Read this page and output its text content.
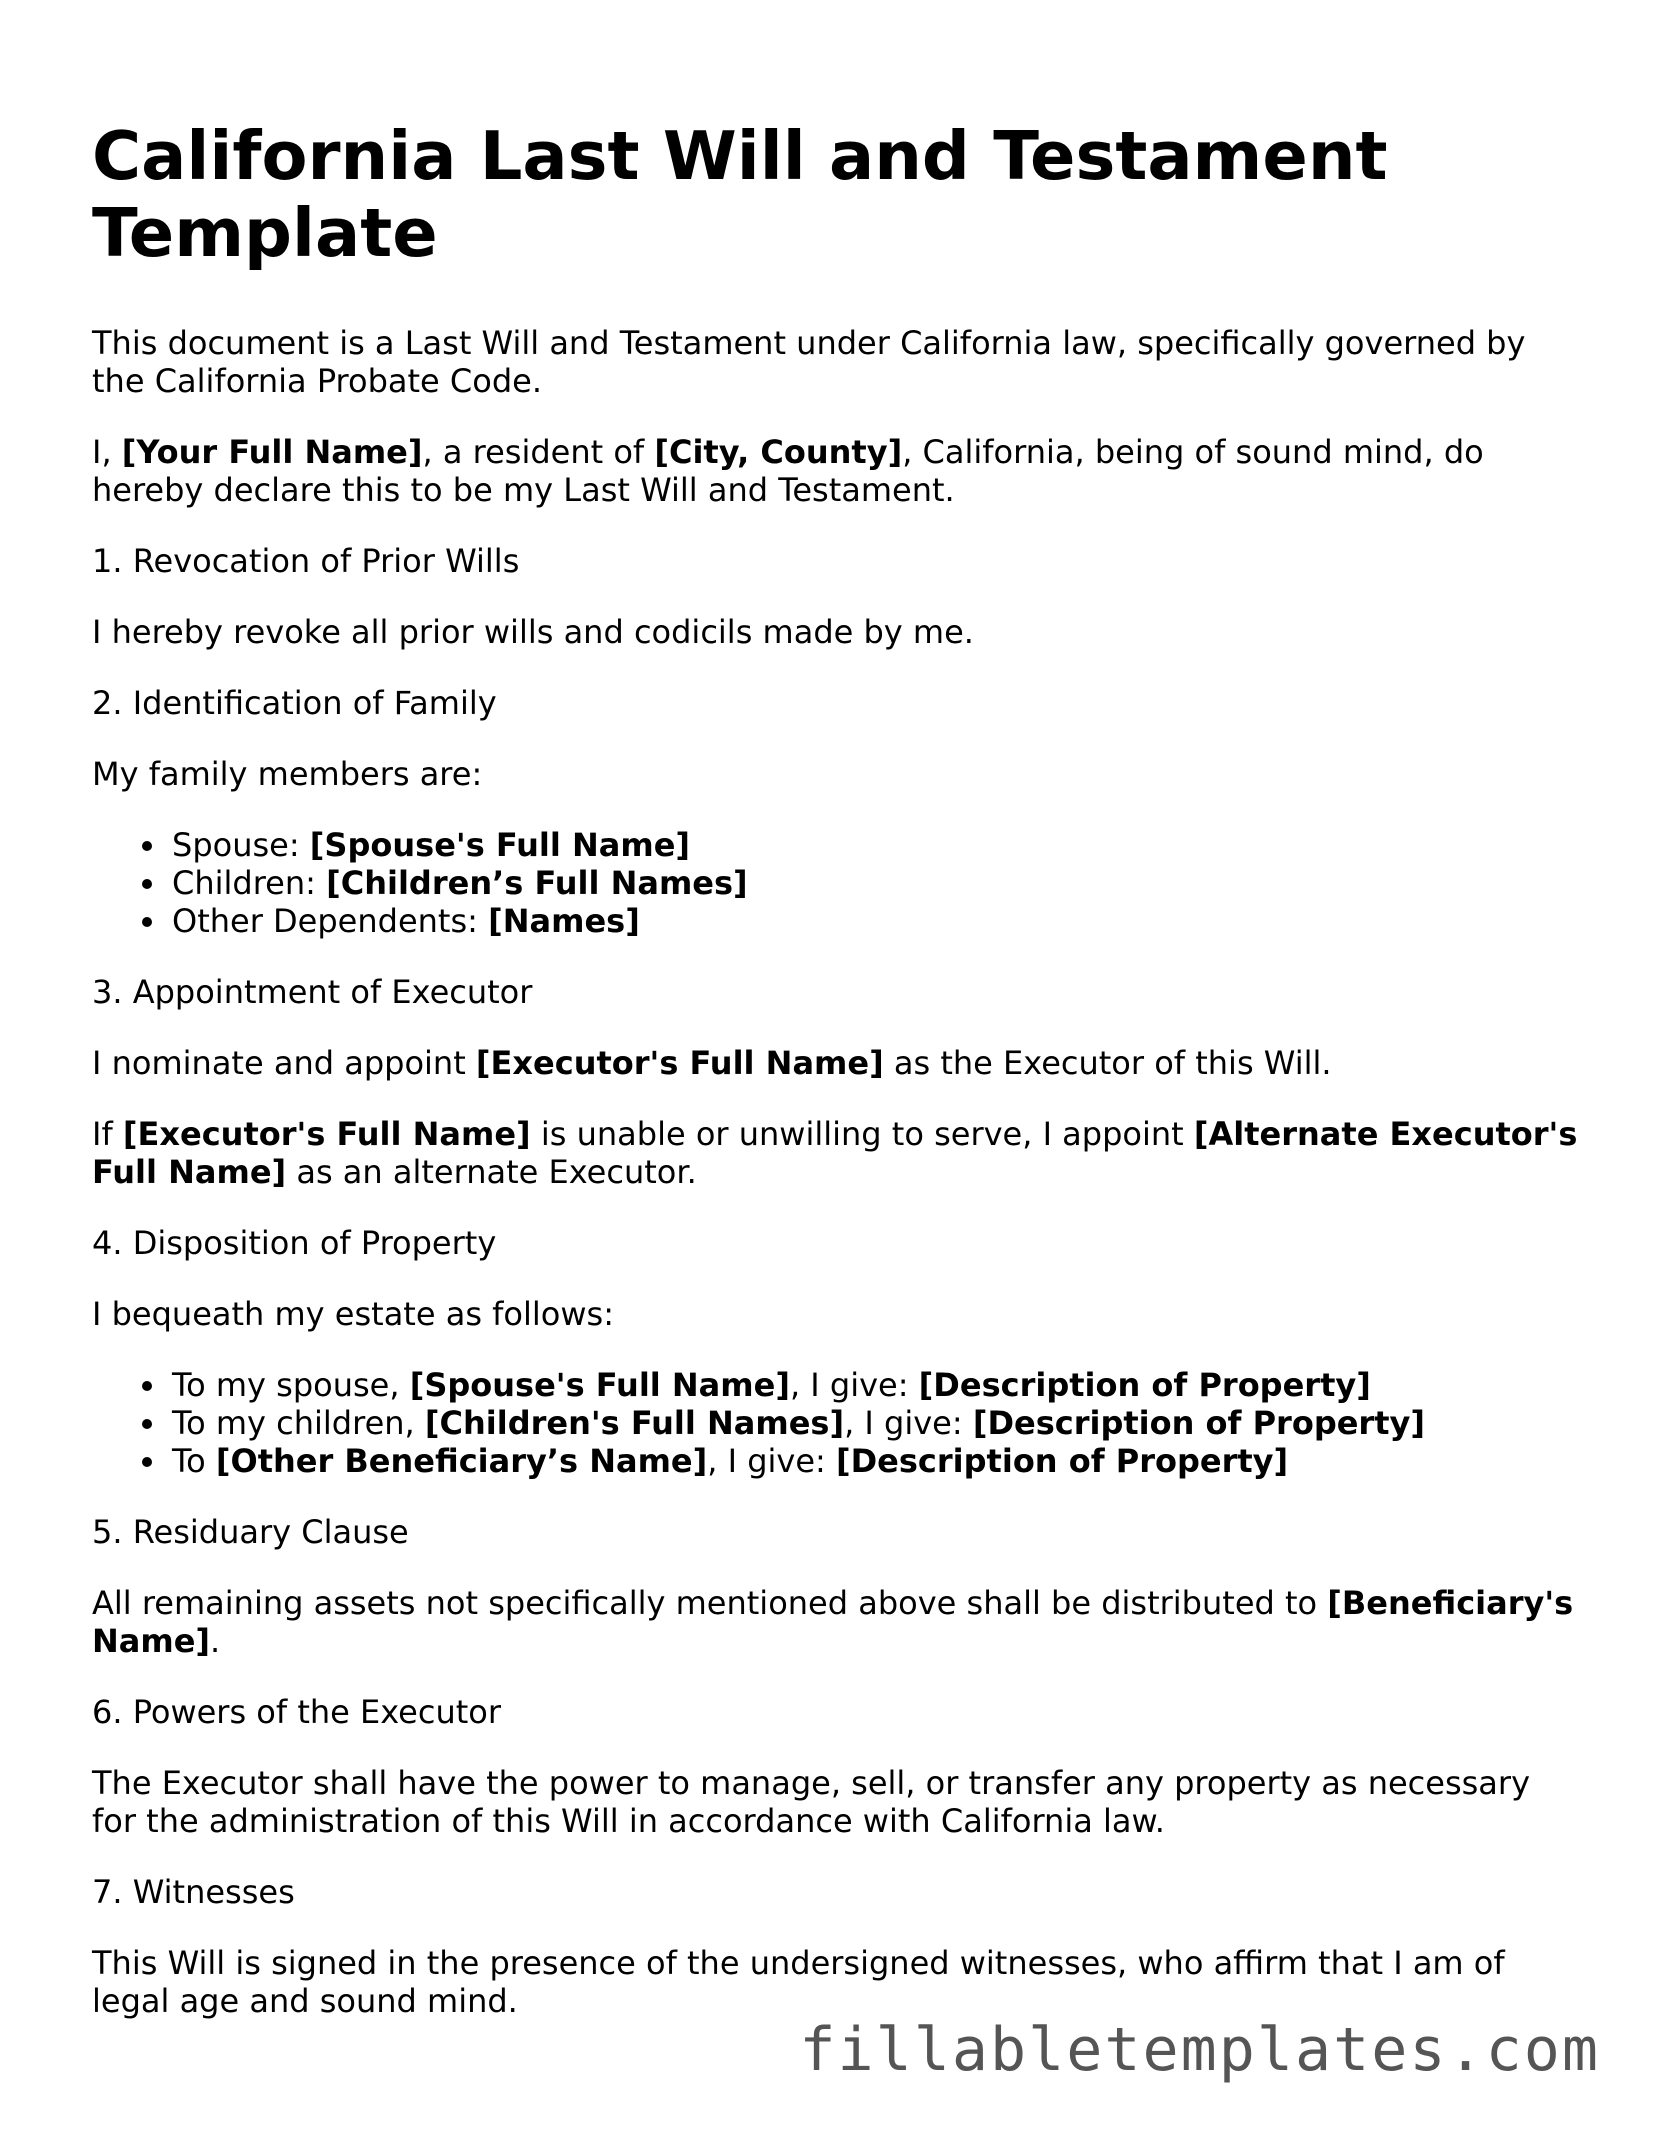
California Last Will and Testament Template

This document is a Last Will and Testament under California law, specifically governed by the California Probate Code.

I, [Your Full Name], a resident of [City, County], California, being of sound mind, do hereby declare this to be my Last Will and Testament.

1. Revocation of Prior Wills

I hereby revoke all prior wills and codicils made by me.

2. Identification of Family

My family members are:

Spouse: [Spouse's Full Name]
Children: [Children’s Full Names]
Other Dependents: [Names]

3. Appointment of Executor

I nominate and appoint [Executor's Full Name] as the Executor of this Will.

If [Executor's Full Name] is unable or unwilling to serve, I appoint [Alternate Executor's Full Name] as an alternate Executor.

4. Disposition of Property

I bequeath my estate as follows:

To my spouse, [Spouse's Full Name], I give: [Description of Property]
To my children, [Children's Full Names], I give: [Description of Property]
To [Other Beneficiary’s Name], I give: [Description of Property]

5. Residuary Clause

All remaining assets not specifically mentioned above shall be distributed to [Beneficiary's Name].

6. Powers of the Executor

The Executor shall have the power to manage, sell, or transfer any property as necessary for the administration of this Will in accordance with California law.

7. Witnesses

This Will is signed in the presence of the undersigned witnesses, who affirm that I am of legal age and sound mind.

fillabletemplates.com
